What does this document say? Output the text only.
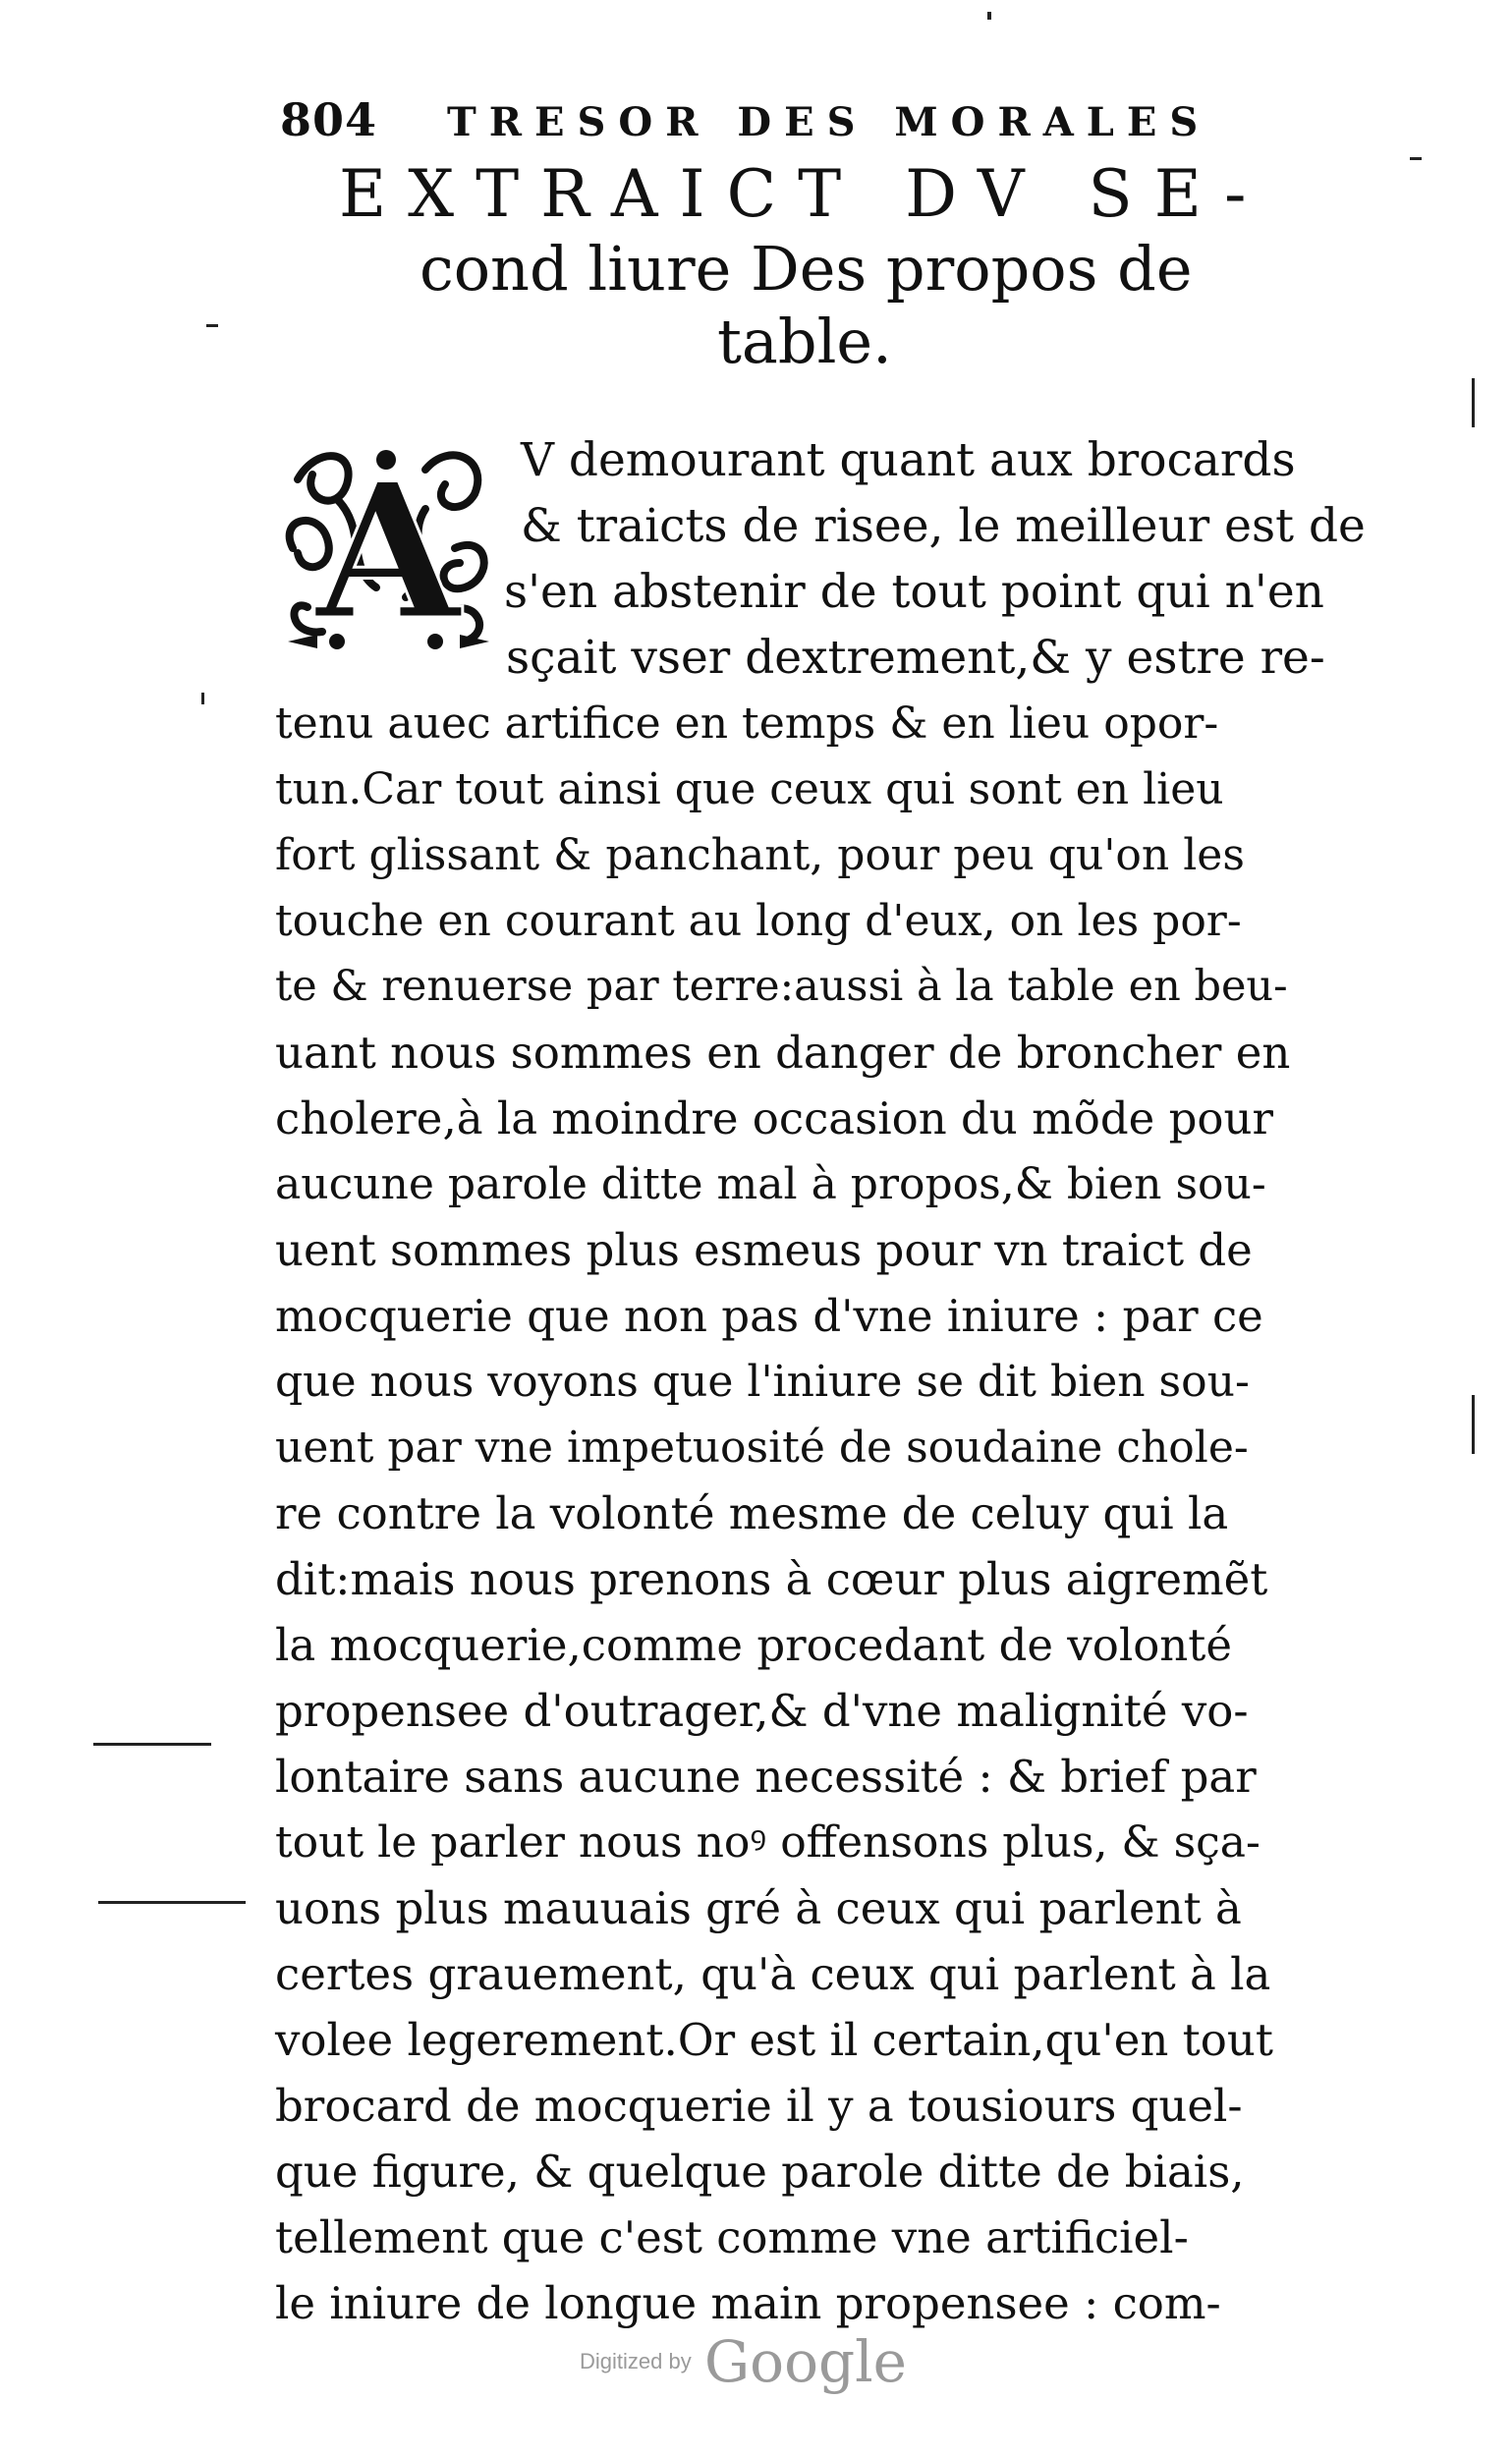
804 TRESOR DES MORALES
EXTRAICT DV SE-
cond liure Des propos de
table.
A V demourant quant aux brocards
& traicts de risee, le meilleur est de
s'en abstenir de tout point qui n'en
sçait vser dextrement,& y estre re-
tenu auec artifice en temps & en lieu opor-
tun.Car tout ainsi que ceux qui sont en lieu
fort glissant & panchant, pour peu qu'on les
touche en courant au long d'eux, on les por-
te & renuerse par terre:aussi à la table en beu-
uant nous sommes en danger de broncher en
cholere,à la moindre occasion du mõde pour
aucune parole ditte mal à propos,& bien sou-
uent sommes plus esmeus pour vn traict de
mocquerie que non pas d'vne iniure : par ce
que nous voyons que l'iniure se dit bien sou-
uent par vne impetuosité de soudaine chole-
re contre la volonté mesme de celuy qui la
dit:mais nous prenons à cœur plus aigremẽt
la mocquerie,comme procedant de volonté
propensee d'outrager,& d'vne malignité vo-
lontaire sans aucune necessité : & brief par
tout le parler nous noꝰ offensons plus, & sça-
uons plus mauuais gré à ceux qui parlent à
certes grauement, qu'à ceux qui parlent à la
volee legerement.Or est il certain,qu'en tout
brocard de mocquerie il y a tousiours quel-
que figure, & quelque parole ditte de biais,
tellement que c'est comme vne artificiel-
le iniure de longue main propensee : com-
Digitized by Google
